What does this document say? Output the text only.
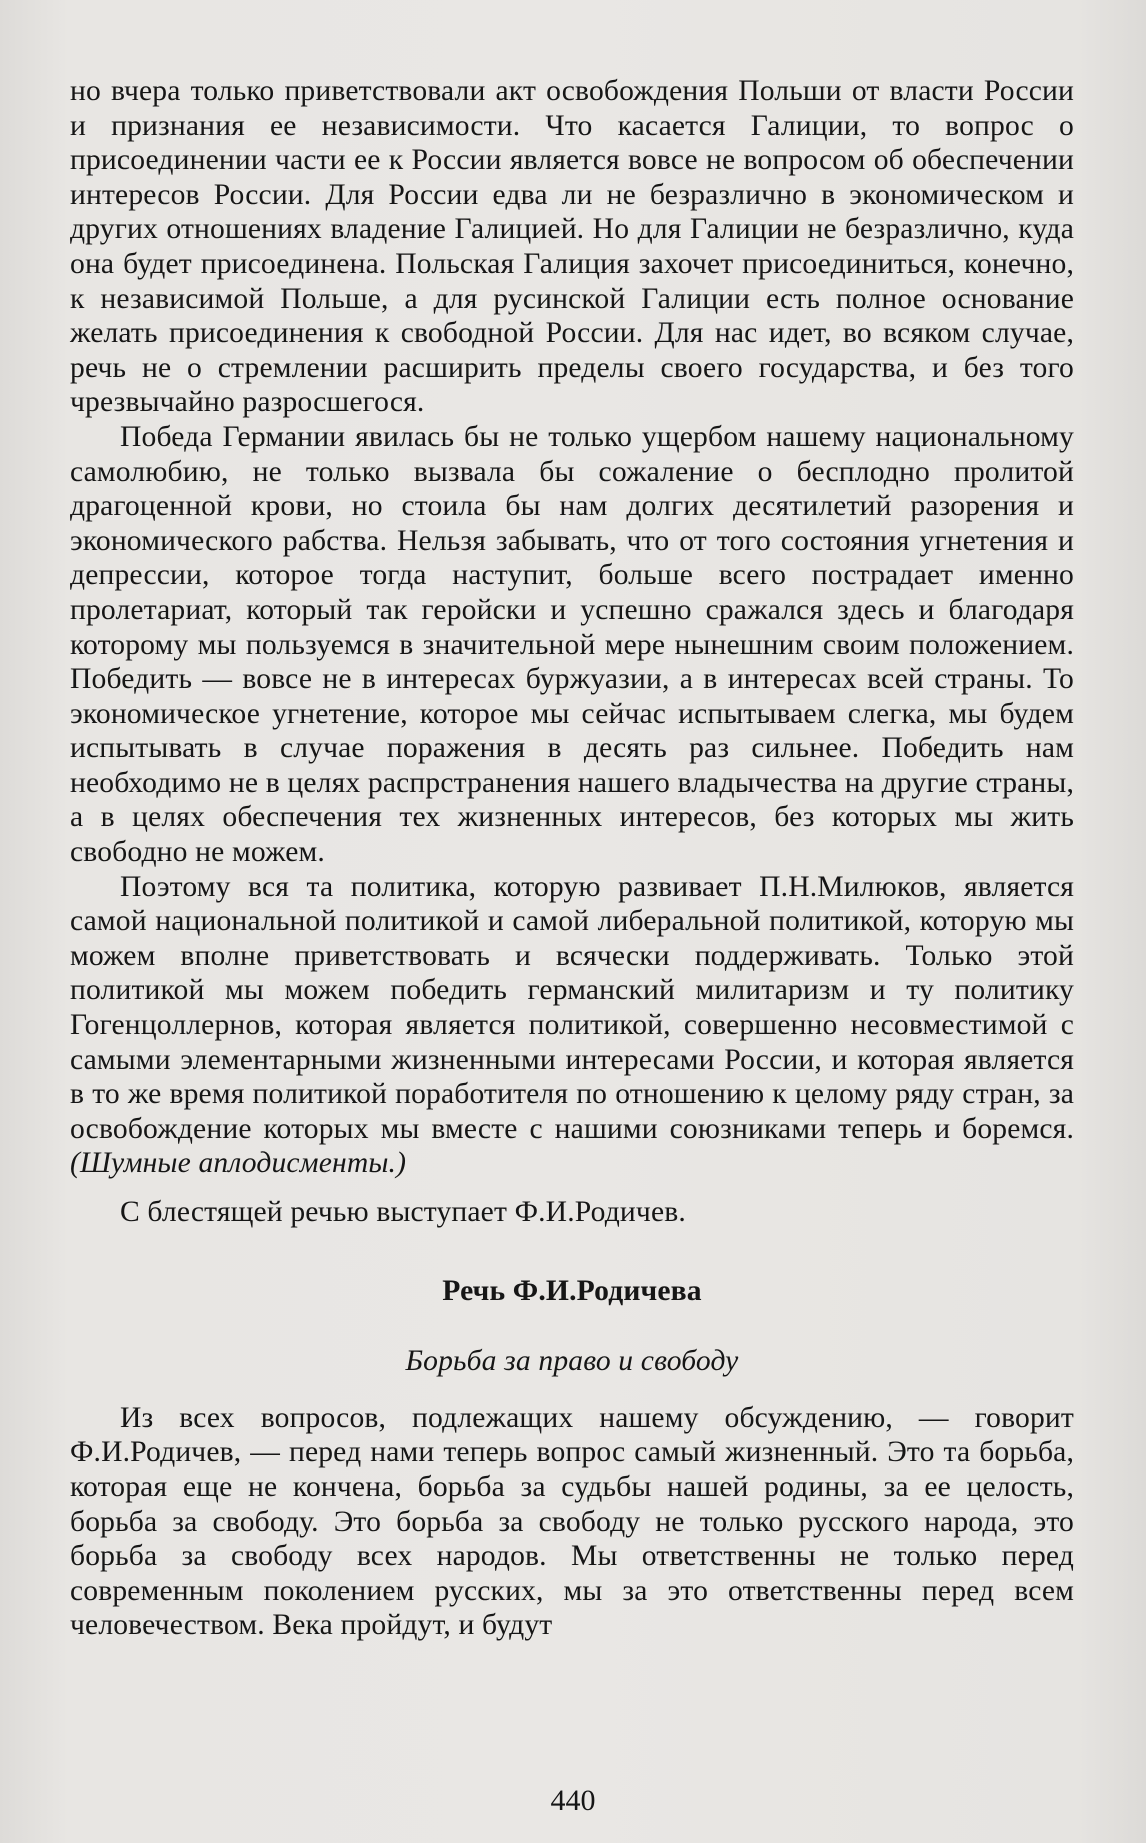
но вчера только приветствовали акт освобождения Польши от власти России и признания ее независимости. Что касается Галиции, то вопрос о присоединении части ее к России является вовсе не вопросом об обеспечении интересов России. Для России едва ли не безразлично в экономическом и других отношениях владение Галицией. Но для Галиции не безразлично, куда она будет присоединена. Польская Галиция захочет присоединиться, конечно, к независимой Польше, а для русинской Галиции есть полное основание желать присоединения к свободной России. Для нас идет, во всяком случае, речь не о стремлении расширить пределы своего государства, и без того чрезвычайно разросшегося.

Победа Германии явилась бы не только ущербом нашему национальному самолюбию, не только вызвала бы сожаление о бесплодно пролитой драгоценной крови, но стоила бы нам долгих десятилетий разорения и экономического рабства. Нельзя забывать, что от того состояния угнетения и депрессии, которое тогда наступит, больше всего пострадает именно пролетариат, который так геройски и успешно сражался здесь и благодаря которому мы пользуемся в значительной мере нынешним своим положением. Победить — вовсе не в интересах буржуазии, а в интересах всей страны. То экономическое угнетение, которое мы сейчас испытываем слегка, мы будем испытывать в случае поражения в десять раз сильнее. Победить нам необходимо не в целях распрстранения нашего владычества на другие страны, а в целях обеспечения тех жизненных интересов, без которых мы жить свободно не можем.

Поэтому вся та политика, которую развивает П.Н.Милюков, является самой национальной политикой и самой либеральной политикой, которую мы можем вполне приветствовать и всячески поддерживать. Только этой политикой мы можем победить германский милитаризм и ту политику Гогенцоллернов, которая является политикой, совершенно несовместимой с самыми элементарными жизненными интересами России, и которая является в то же время политикой поработителя по отношению к целому ряду стран, за освобождение которых мы вместе с нашими союзниками теперь и боремся. (Шумные аплодисменты.)

С блестящей речью выступает Ф.И.Родичев.

Речь Ф.И.Родичева

Борьба за право и свободу

Из всех вопросов, подлежащих нашему обсуждению, — говорит Ф.И.Родичев, — перед нами теперь вопрос самый жизненный. Это та борьба, которая еще не кончена, борьба за судьбы нашей родины, за ее целость, борьба за свободу. Это борьба за свободу не только русского народа, это борьба за свободу всех народов. Мы ответственны не только перед современным поколением русских, мы за это ответственны перед всем человечеством. Века пройдут, и будут

440
